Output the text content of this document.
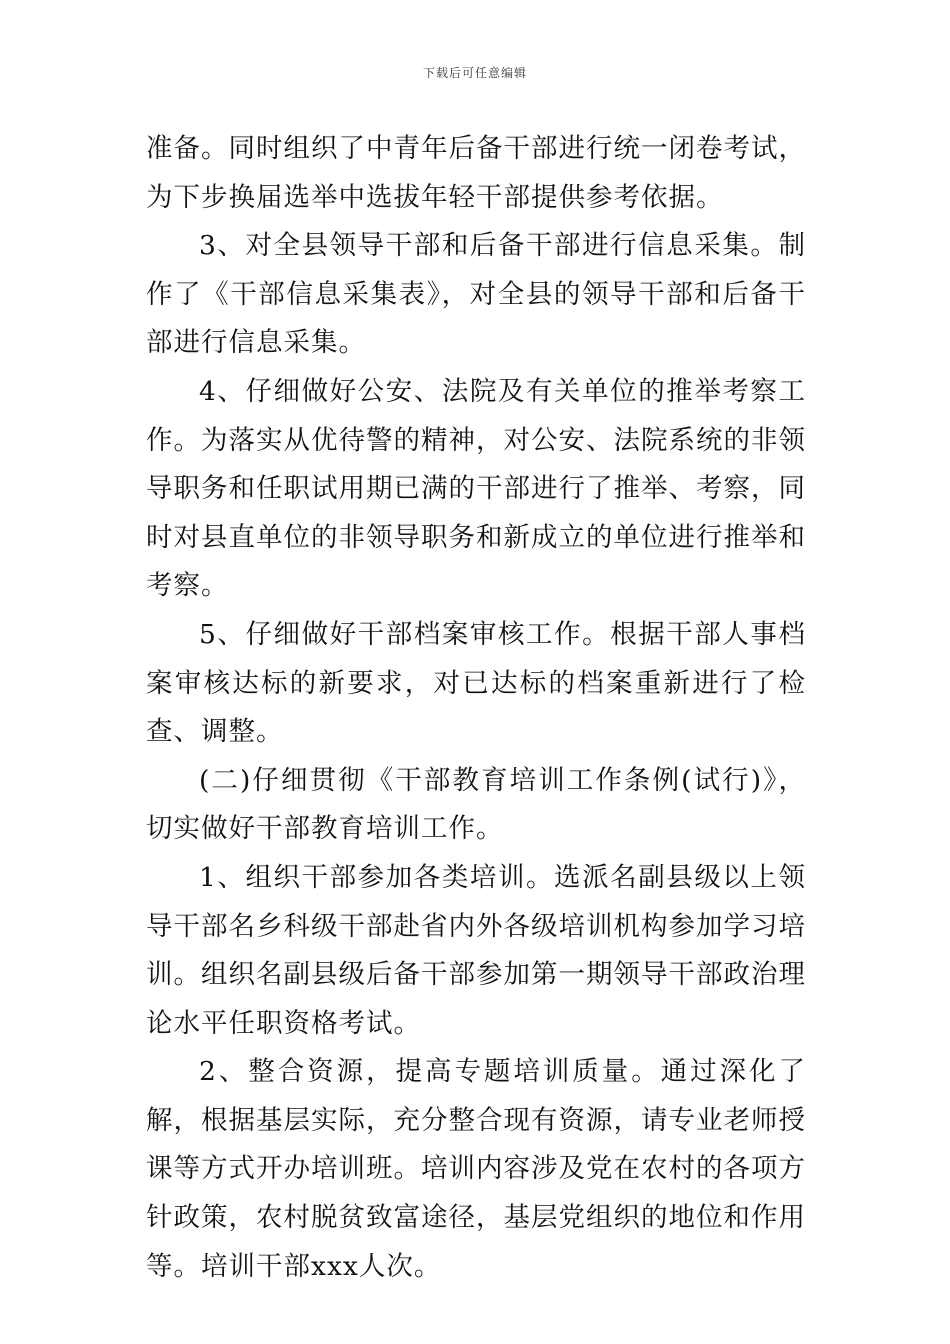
下载后可任意编辑

准备。同时组织了中青年后备干部进行统一闭卷考试，为下步换届选举中选拔年轻干部提供参考依据。

3、对全县领导干部和后备干部进行信息采集。制作了《干部信息采集表》，对全县的领导干部和后备干部进行信息采集。

4、仔细做好公安、法院及有关单位的推举考察工作。为落实从优待警的精神，对公安、法院系统的非领导职务和任职试用期已满的干部进行了推举、考察，同时对县直单位的非领导职务和新成立的单位进行推举和考察。

5、仔细做好干部档案审核工作。根据干部人事档案审核达标的新要求，对已达标的档案重新进行了检查、调整。

(二)仔细贯彻《干部教育培训工作条例(试行)》，切实做好干部教育培训工作。

1、组织干部参加各类培训。选派名副县级以上领导干部名乡科级干部赴省内外各级培训机构参加学习培训。组织名副县级后备干部参加第一期领导干部政治理论水平任职资格考试。

2、整合资源，提高专题培训质量。通过深化了解，根据基层实际，充分整合现有资源，请专业老师授课等方式开办培训班。培训内容涉及党在农村的各项方针政策，农村脱贫致富途径，基层党组织的地位和作用等。培训干部xxx人次。
